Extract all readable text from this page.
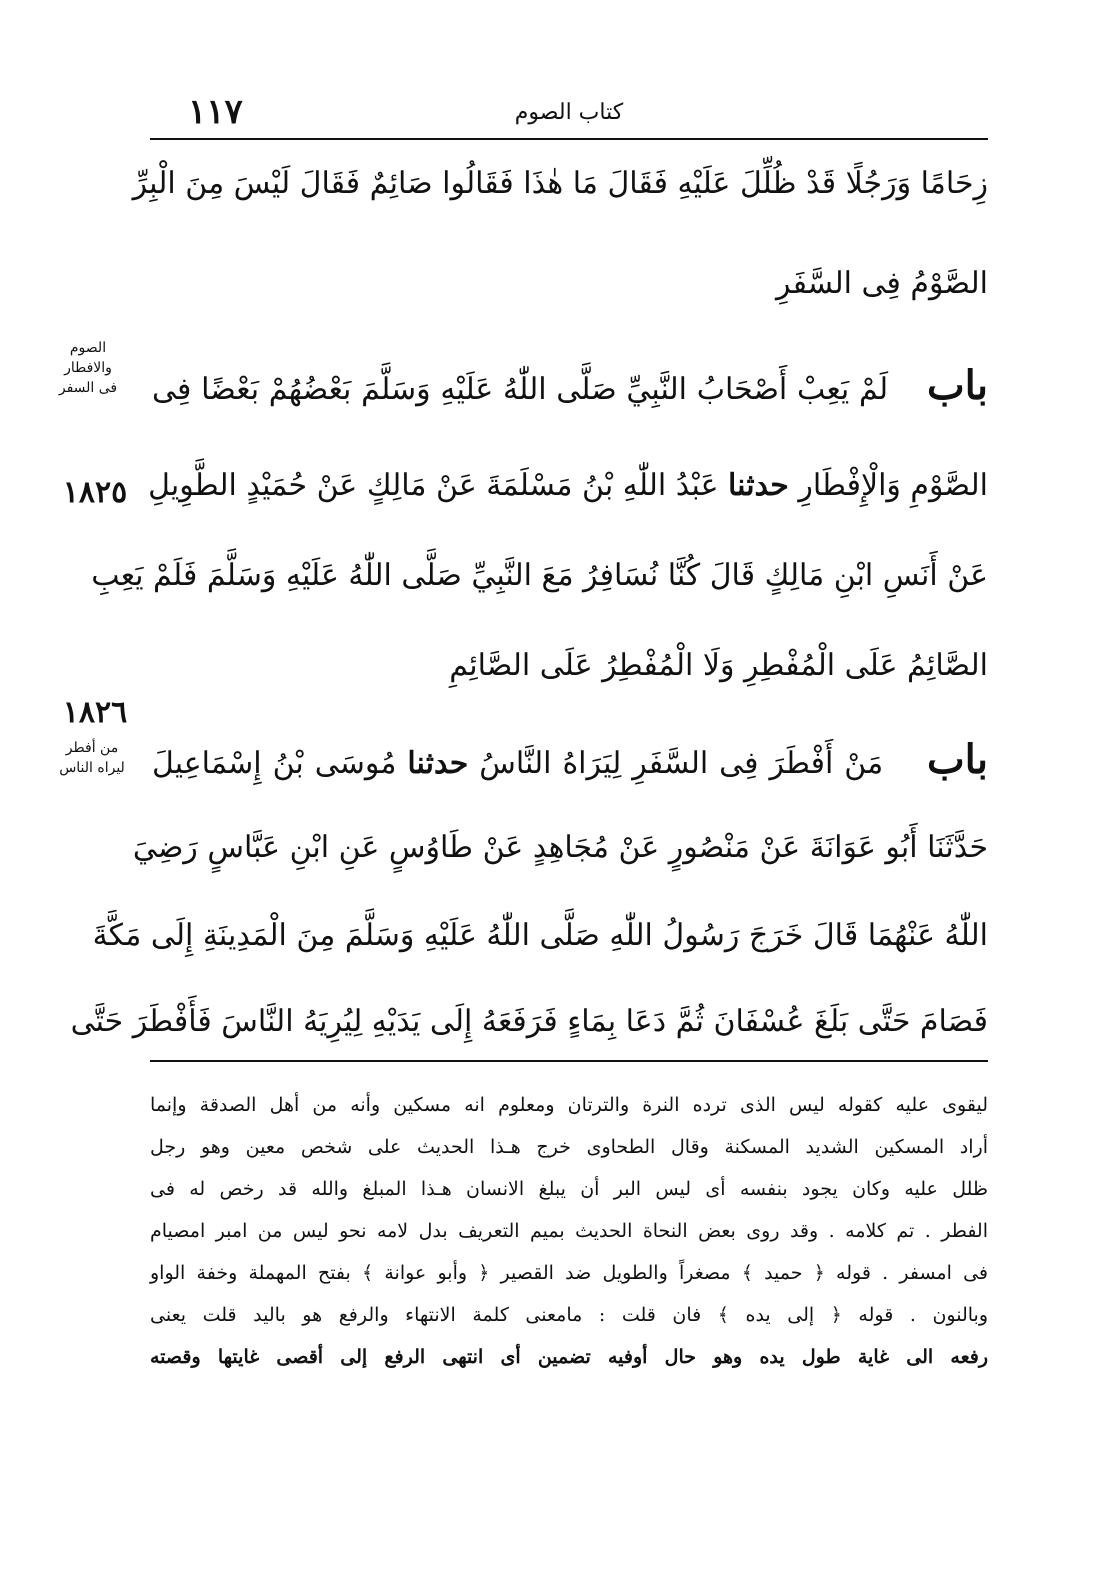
١١٧	كتاب الصوم
زِحَامًا وَرَجُلًا قَدْ ظُلِّلَ عَلَيْهِ فَقَالَ مَا هٰذَا فَقَالُوا صَائِمٌ فَقَالَ لَيْسَ مِنَ الْبِرِّ
الصَّوْمُ فِى السَّفَرِ
باب    لَمْ يَعِبْ أَصْحَابُ النَّبِيِّ صَلَّى اللّٰهُ عَلَيْهِ وَسَلَّمَ بَعْضُهُمْ بَعْضًا فِى
الصَّوْمِ وَالْإِفْطَارِ حدثنا عَبْدُ اللّٰهِ بْنُ مَسْلَمَةَ عَنْ مَالِكٍ عَنْ حُمَيْدٍ الطَّوِيلِ
عَنْ أَنَسِ ابْنِ مَالِكٍ قَالَ كُنَّا نُسَافِرُ مَعَ النَّبِيِّ صَلَّى اللّٰهُ عَلَيْهِ وَسَلَّمَ فَلَمْ يَعِبِ
الصَّائِمُ عَلَى الْمُفْطِرِ وَلَا الْمُفْطِرُ عَلَى الصَّائِمِ
باب    مَنْ أَفْطَرَ فِى السَّفَرِ لِيَرَاهُ النَّاسُ حدثنا مُوسَى بْنُ إِسْمَاعِيلَ
حَدَّثَنَا أَبُو عَوَانَةَ عَنْ مَنْصُورٍ عَنْ مُجَاهِدٍ عَنْ طَاوُسٍ عَنِ ابْنِ عَبَّاسٍ رَضِيَ
اللّٰهُ عَنْهُمَا قَالَ خَرَجَ رَسُولُ اللّٰهِ صَلَّى اللّٰهُ عَلَيْهِ وَسَلَّمَ مِنَ الْمَدِينَةِ إِلَى مَكَّةَ
فَصَامَ حَتَّى بَلَغَ عُسْفَانَ ثُمَّ دَعَا بِمَاءٍ فَرَفَعَهُ إِلَى يَدَيْهِ لِيُرِيَهُ النَّاسَ فَأَفْطَرَ حَتَّى
الصوم
والافطار
فى السفر
١٨٢٥
١٨٢٦
من أفطر
ليراه الناس
ليقوى عليه كقوله ليس الذى ترده النرة والترتان ومعلوم انه مسكين وأنه من أهل الصدقة وإنما
أراد المسكين الشديد المسكنة وقال الطحاوى خرج هـذا الحديث على شخص معين وهو رجل
ظلل عليه وكان يجود بنفسه أى ليس البر أن يبلغ الانسان هـذا المبلغ والله قد رخص له فى
الفطر . تم كلامه . وقد روى بعض النحاة الحديث بميم التعريف بدل لامه نحو ليس من امبر امصيام
فى امسفر . قوله ﴿ حميد ﴾ مصغراً والطويل ضد القصير ﴿ وأبو عوانة ﴾ بفتح المهملة وخفة الواو
وبالنون . قوله ﴿ إلى يده ﴾ فان قلت : مامعنى كلمة الانتهاء والرفع هو باليد قلت يعنى
رفعه الى غاية طول يده وهو حال أوفيه تضمين أى انتهى الرفع إلى أقصى غايتها وقصته
